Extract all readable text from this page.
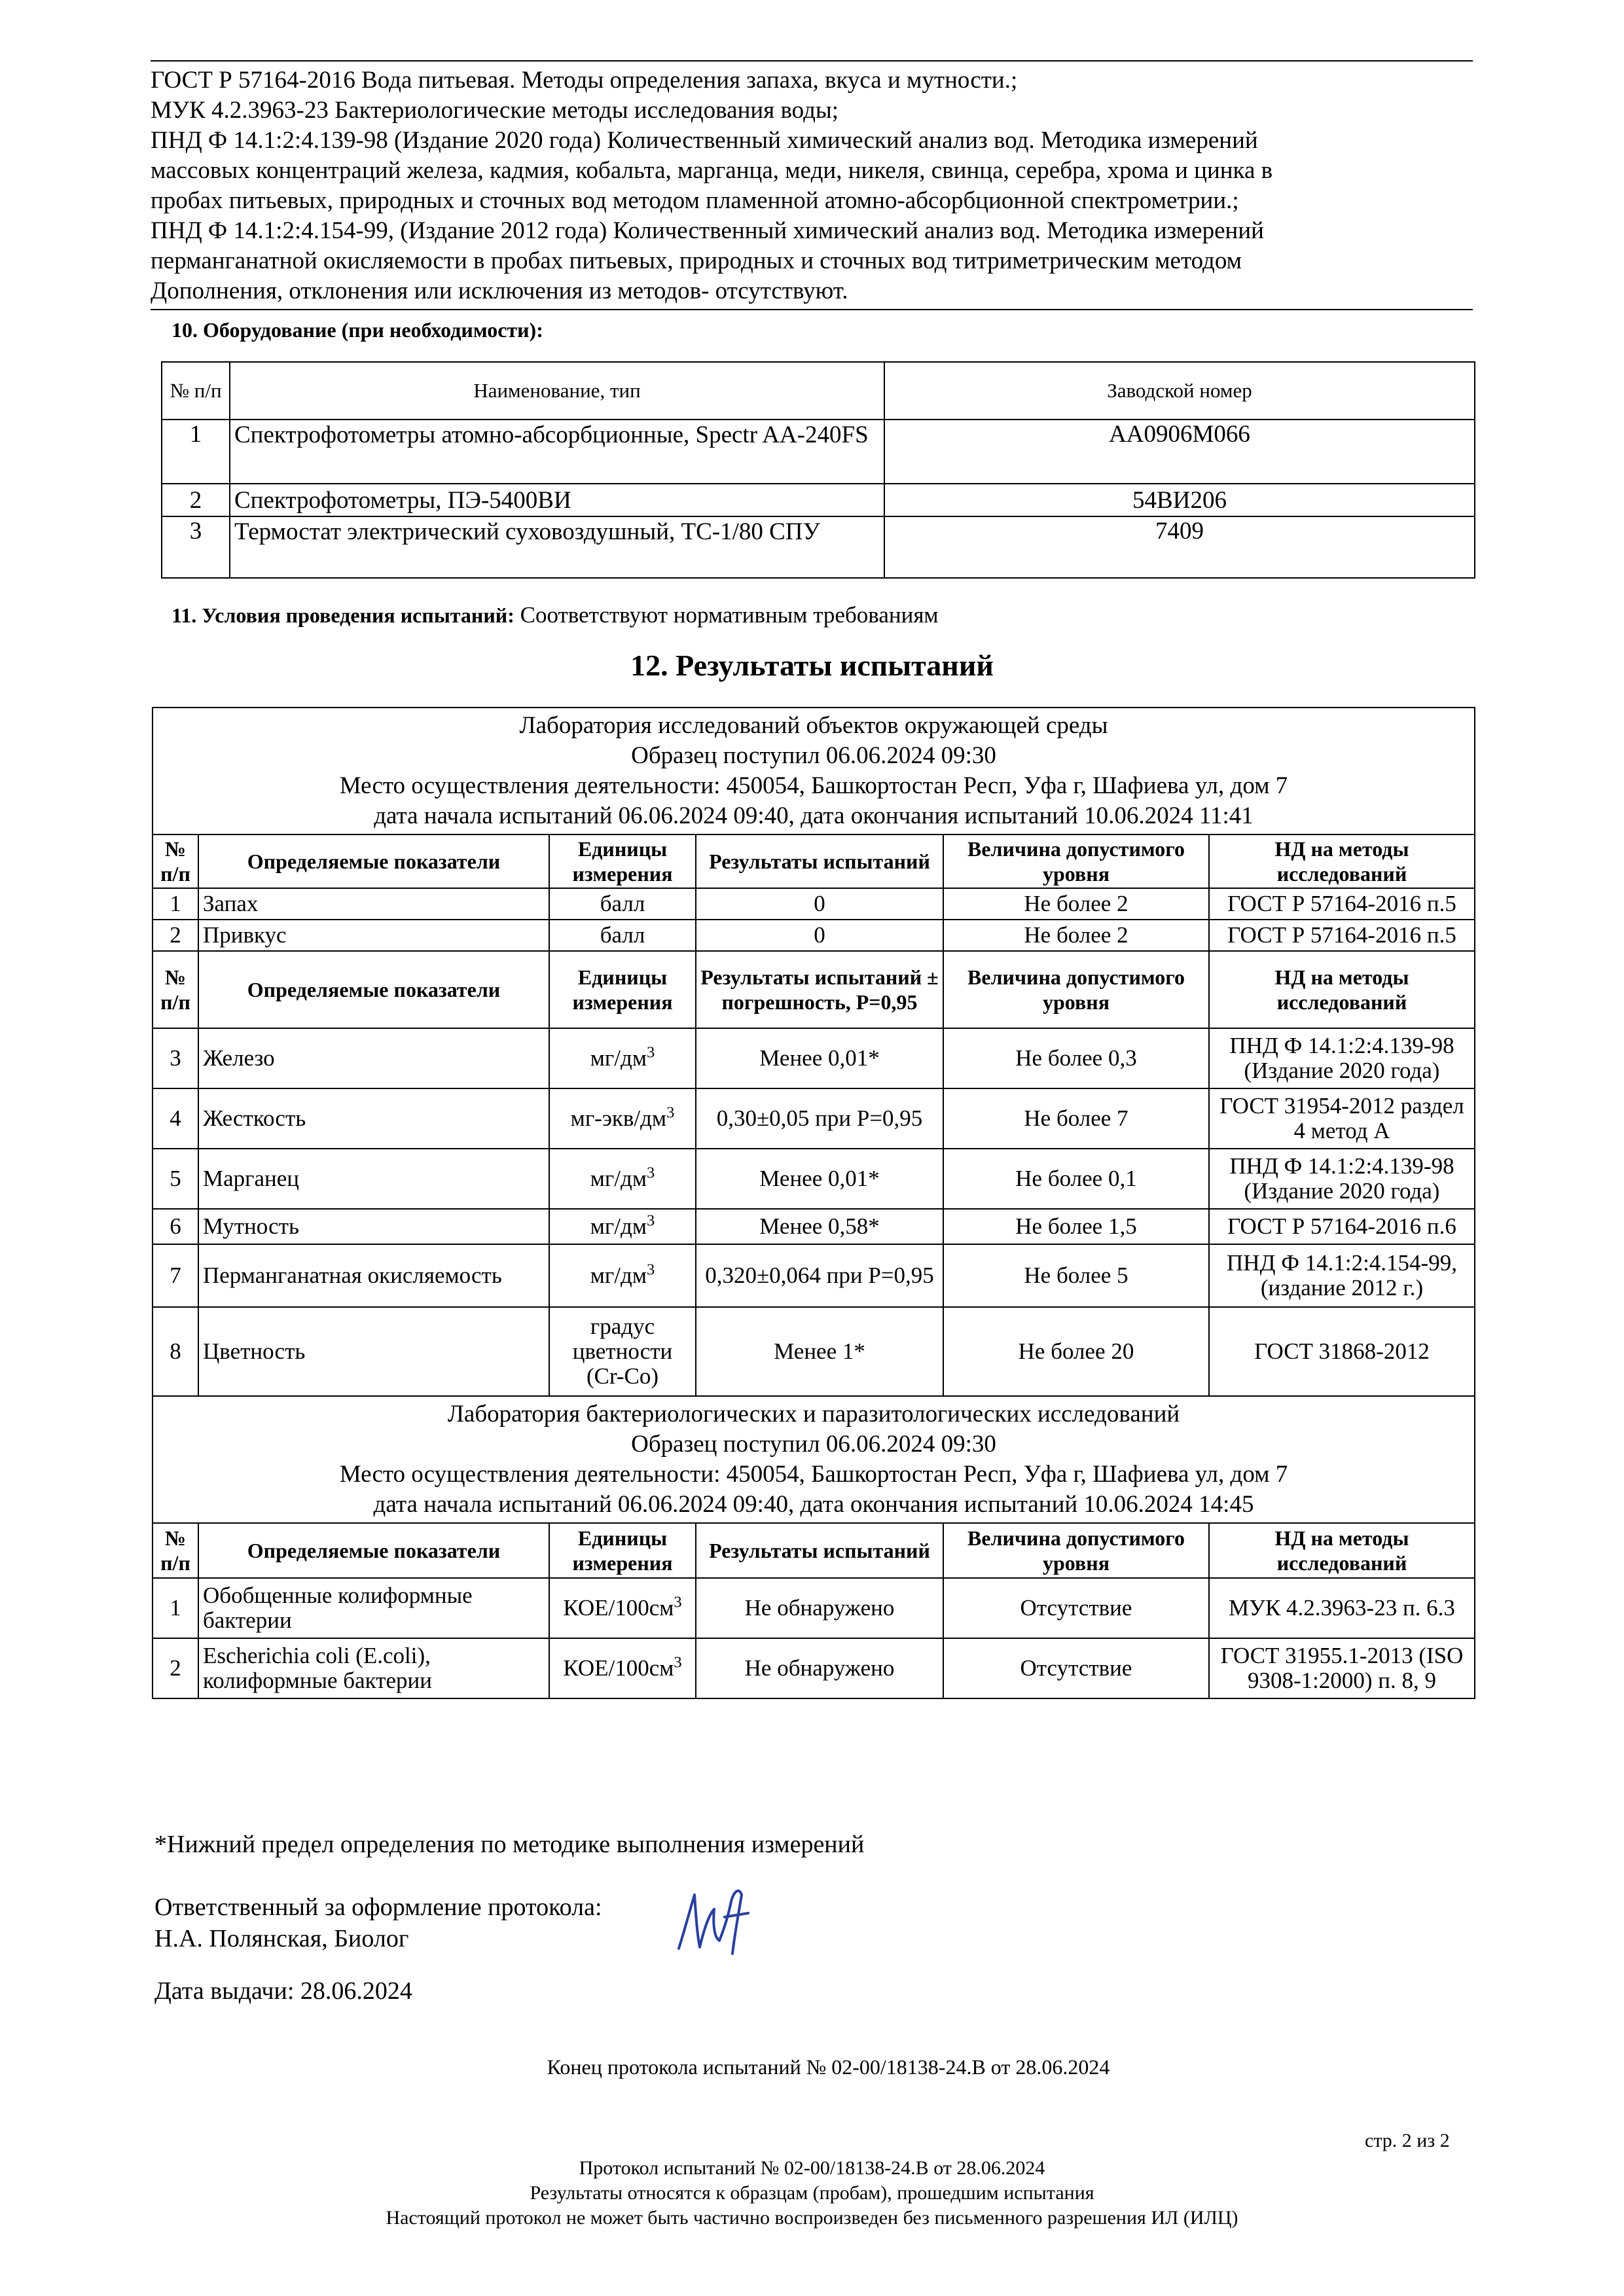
ГОСТ Р 57164-2016 Вода питьевая. Методы определения запаха, вкуса и мутности.;
МУК 4.2.3963-23 Бактериологические методы исследования воды;
ПНД Ф 14.1:2:4.139-98 (Издание 2020 года) Количественный химический анализ вод. Методика измерений
массовых концентраций железа, кадмия, кобальта, марганца, меди, никеля, свинца, серебра, хрома и цинка в
пробах питьевых, природных и сточных вод методом пламенной атомно-абсорбционной спектрометрии.;
ПНД Ф 14.1:2:4.154-99, (Издание 2012 года) Количественный химический анализ вод. Методика измерений
перманганатной окисляемости в пробах питьевых, природных и сточных вод титриметрическим методом
Дополнения, отклонения или исключения из методов- отсутствуют.
10. Оборудование (при необходимости):
№ п/п	Наименование, тип	Заводской номер
1	Спектрофотометры атомно-абсорбционные, Spectr AA-240FS	AA0906M066
2	Спектрофотометры, ПЭ-5400ВИ	54ВИ206
3	Термостат электрический суховоздушный, ТС-1/80 СПУ	7409
11. Условия проведения испытаний: Соответствуют нормативным требованиям
12. Результаты испытаний
Лаборатория исследований объектов окружающей среды
Образец поступил 06.06.2024 09:30
Место осуществления деятельности: 450054, Башкортостан Респ, Уфа г, Шафиева ул, дом 7
дата начала испытаний 06.06.2024 09:40, дата окончания испытаний 10.06.2024 11:41					

№ п/п	Определяемые показатели	Единицы измерения	Результаты испытаний	Величина допустимого уровня	НД на методы исследований
1	Запах	балл	0	Не более 2	ГОСТ Р 57164-2016 п.5
2	Привкус	балл	0	Не более 2	ГОСТ Р 57164-2016 п.5
№ п/п	Определяемые показатели	Единицы измерения	Результаты испытаний ± погрешность, P=0,95	Величина допустимого уровня	НД на методы исследований
3	Железо	$мг/дм^3$	Менее 0,01*	Не более 0,3	ПНД Ф 14.1:2:4.139-98 (Издание 2020 года)
4	Жесткость	$мг-экв/дм^3$	0,30±0,05 при P=0,95	Не более 7	ГОСТ 31954-2012 раздел 4 метод А
5	Марганец	$мг/дм^3$	Менее 0,01*	Не более 0,1	ПНД Ф 14.1:2:4.139-98 (Издание 2020 года)
6	Мутность	$мг/дм^3$	Менее 0,58*	Не более 1,5	ГОСТ Р 57164-2016 п.6
7	Перманганатная окисляемость	$мг/дм^3$	0,320±0,064 при P=0,95	Не более 5	ПНД Ф 14.1:2:4.154-99, (издание 2012 г.)
8	Цветность	градус цветности (Cr-Co)	Менее 1*	Не более 20	ГОСТ 31868-2012

Лаборатория бактериологических и паразитологических исследований
Образец поступил 06.06.2024 09:30
Место осуществления деятельности: 450054, Башкортостан Респ, Уфа г, Шафиева ул, дом 7
дата начала испытаний 06.06.2024 09:40, дата окончания испытаний 10.06.2024 14:45					

№ п/п	Определяемые показатели	Единицы измерения	Результаты испытаний	Величина допустимого уровня	НД на методы исследований
1	Обобщенные колиформные бактерии	КОЕ/$100см^3$	Не обнаружено	Отсутствие	МУК 4.2.3963-23 п. 6.3
2	Escherichia coli (E.coli), колиформные бактерии	КОЕ/$100см^3$	Не обнаружено	Отсутствие	ГОСТ 31955.1-2013 (ISO 9308-1:2000) п. 8, 9
*Нижний предел определения по методике выполнения измерений
Ответственный за оформление протокола:
Н.А. Полянская, Биолог
Дата выдачи: 28.06.2024
Конец протокола испытаний № 02-00/18138-24.В от 28.06.2024
стр. 2 из 2
Протокол испытаний № 02-00/18138-24.В от 28.06.2024
Результаты относятся к образцам (пробам), прошедшим испытания
Настоящий протокол не может быть частично воспроизведен без письменного разрешения ИЛ (ИЛЦ)
